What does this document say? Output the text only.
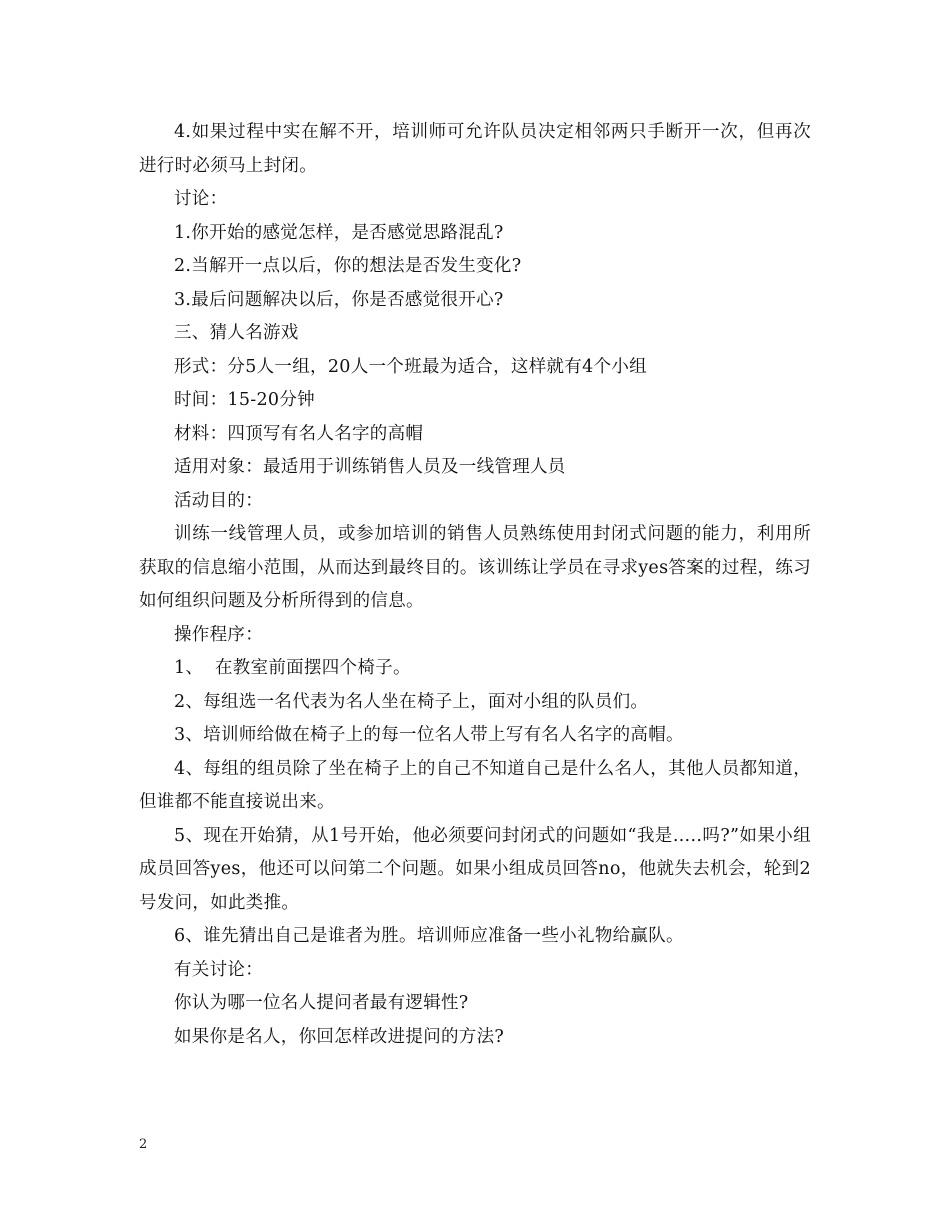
4.如果过程中实在解不开，培训师可允许队员决定相邻两只手断开一次，但再次进行时必须马上封闭。

讨论：

1.你开始的感觉怎样，是否感觉思路混乱?

2.当解开一点以后，你的想法是否发生变化?

3.最后问题解决以后，你是否感觉很开心?

三、猜人名游戏

形式：分5人一组，20人一个班最为适合，这样就有4个小组

时间：15-20分钟

材料：四顶写有名人名字的高帽

适用对象：最适用于训练销售人员及一线管理人员

活动目的：

训练一线管理人员，或参加培训的销售人员熟练使用封闭式问题的能力，利用所获取的信息缩小范围，从而达到最终目的。该训练让学员在寻求yes答案的过程，练习如何组织问题及分析所得到的信息。

操作程序：

1、  在教室前面摆四个椅子。

2、每组选一名代表为名人坐在椅子上，面对小组的队员们。

3、培训师给做在椅子上的每一位名人带上写有名人名字的高帽。

4、每组的组员除了坐在椅子上的自己不知道自己是什么名人，其他人员都知道，但谁都不能直接说出来。

5、现在开始猜，从1号开始，他必须要问封闭式的问题如“我是…..吗?”如果小组成员回答yes，他还可以问第二个问题。如果小组成员回答no，他就失去机会，轮到2号发问，如此类推。

6、谁先猜出自己是谁者为胜。培训师应准备一些小礼物给赢队。

有关讨论：

你认为哪一位名人提问者最有逻辑性?

如果你是名人，你回怎样改进提问的方法?

2
